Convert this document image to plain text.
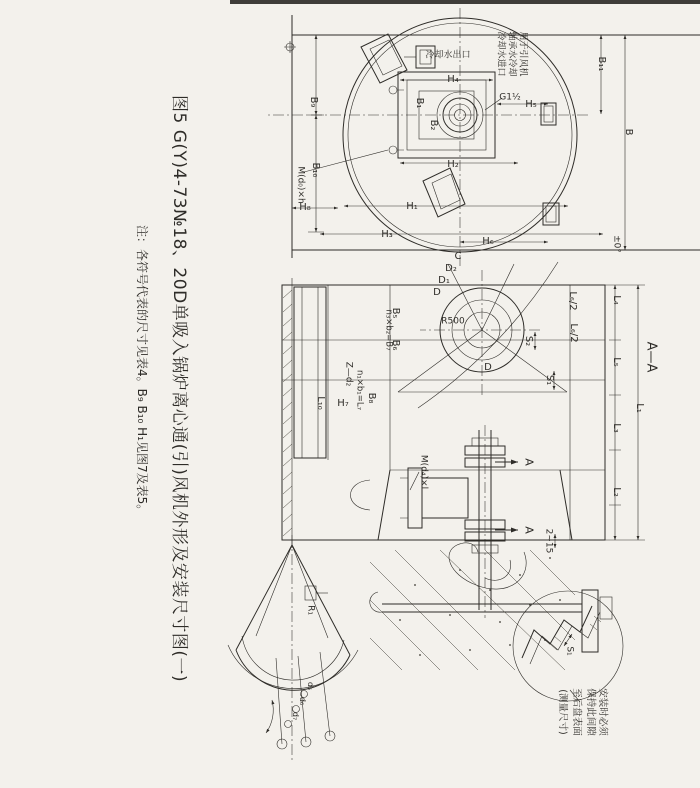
B
B₁₁
±0°
用于引风机
轴承水冷却
冷却水进口
G1½
H₄
H₅
B₁
B₂
冷却水出口
B₉
B₁₀
M(d₀)×h
H₈
H₂
H₁
H₃
H₆
C
D₂
D₁
D
D
R500
L₆/2
L₆/2
B₅
n₃×b₂=B₇
B₆
Z—d₂ n₁×b₁=L₇ B₈
H₇
L₁₀
S₁
S₂
A—A
L₄
L₅
L₃
L₂
L₁
M(d₄)×l
l
A
A 2~15
S₁
安装时必须
保持此间隙
至后盘表面
(测量尺寸)
R₁
d₅
d₆
d₇
图5 G(Y)4-73№18、20D单吸入锅炉离心通(引)风机外形及安装尺寸图(一)
注：各符号代表的尺寸见表4。B₉ B₁₀ H₁见图7及表5。
